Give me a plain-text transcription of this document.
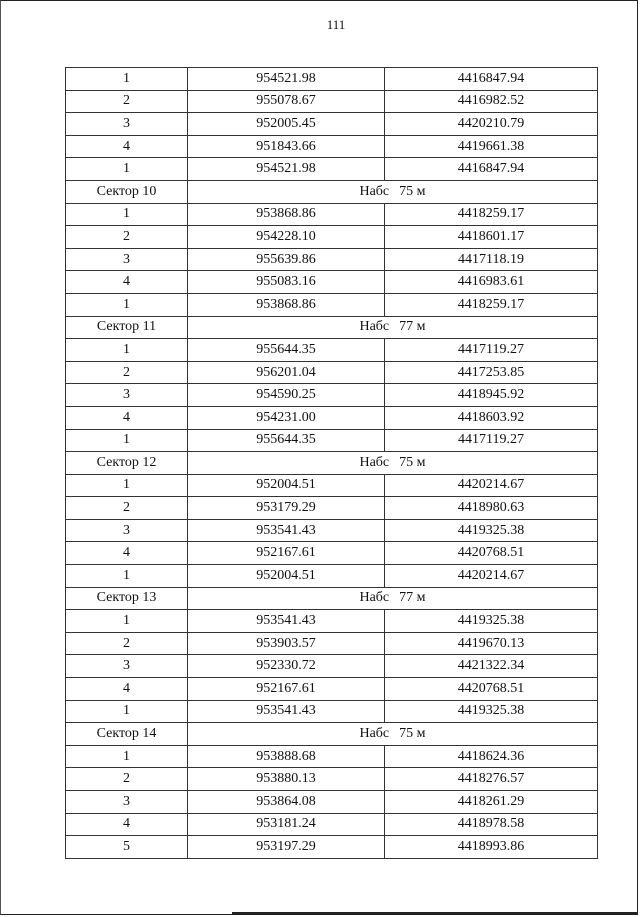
111
1	954521.98	4416847.94
2	955078.67	4416982.52
3	952005.45	4420210.79
4	951843.66	4419661.38
1	954521.98	4416847.94
Сектор 10	Набс 75 м	
1	953868.86	4418259.17
2	954228.10	4418601.17
3	955639.86	4417118.19
4	955083.16	4416983.61
1	953868.86	4418259.17
Сектор 11	Набс 77 м	
1	955644.35	4417119.27
2	956201.04	4417253.85
3	954590.25	4418945.92
4	954231.00	4418603.92
1	955644.35	4417119.27
Сектор 12	Набс 75 м	
1	952004.51	4420214.67
2	953179.29	4418980.63
3	953541.43	4419325.38
4	952167.61	4420768.51
1	952004.51	4420214.67
Сектор 13	Набс 77 м	
1	953541.43	4419325.38
2	953903.57	4419670.13
3	952330.72	4421322.34
4	952167.61	4420768.51
1	953541.43	4419325.38
Сектор 14	Набс 75 м	
1	953888.68	4418624.36
2	953880.13	4418276.57
3	953864.08	4418261.29
4	953181.24	4418978.58
5	953197.29	4418993.86
